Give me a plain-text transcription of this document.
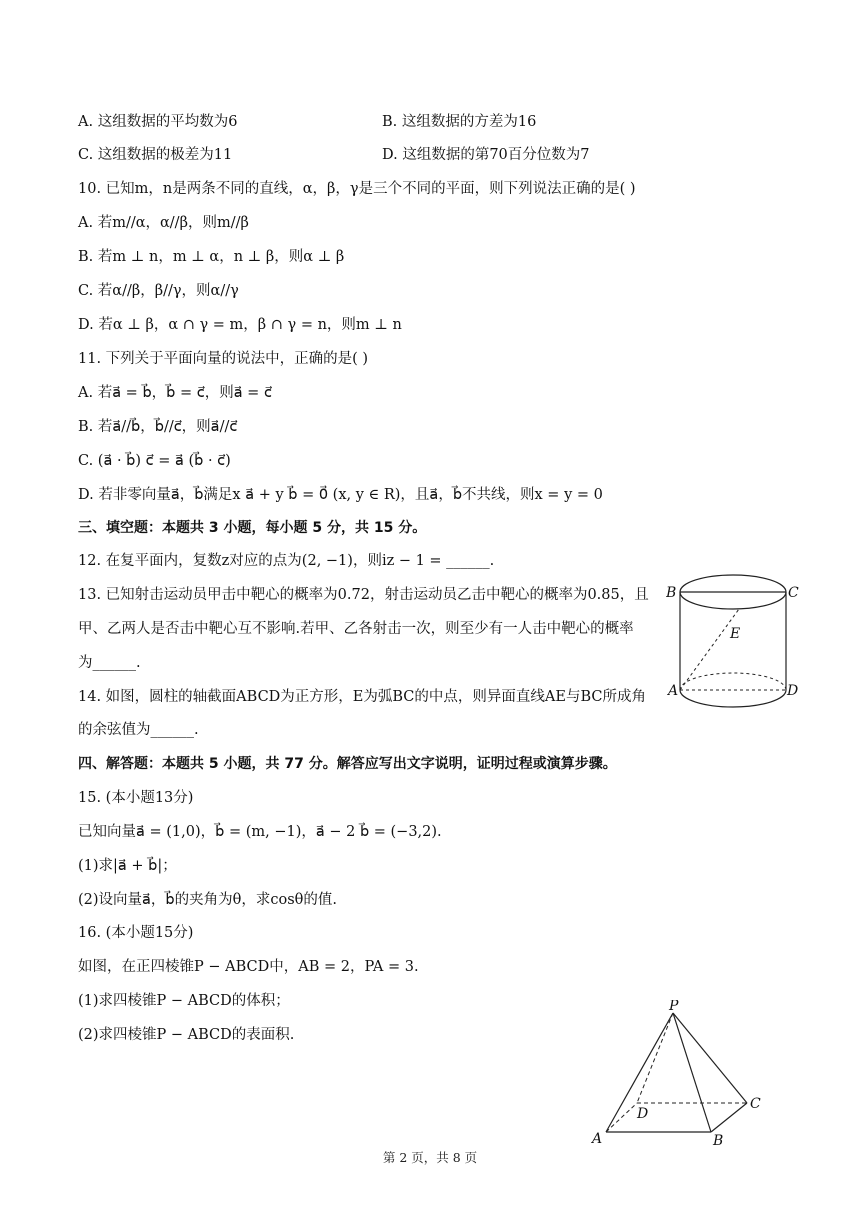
A. 这组数据的平均数为6	B. 这组数据的方差为16
C. 这组数据的极差为11	D. 这组数据的第70百分位数为7
10. 已知m，n是两条不同的直线，α，β，γ是三个不同的平面，则下列说法正确的是( )
A. 若m//α，α//β，则m//β
B. 若m ⊥ n，m ⊥ α，n ⊥ β，则α ⊥ β
C. 若α//β，β//γ，则α//γ
D. 若α ⊥ β，α ∩ γ = m，β ∩ γ = n，则m ⊥ n
11. 下列关于平面向量的说法中，正确的是( )
A. 若a⃗ = b⃗，b⃗ = c⃗，则a⃗ = c⃗
B. 若a⃗//b⃗，b⃗//c⃗，则a⃗//c⃗
C. (a⃗ · b⃗) c⃗ = a⃗ (b⃗ · c⃗)
D. 若非零向量a⃗，b⃗满足x a⃗ + y b⃗ = 0⃗ (x, y ∈ R)，且a⃗，b⃗不共线，则x = y = 0
三、填空题：本题共 3 小题，每小题 5 分，共 15 分。
12. 在复平面内，复数z对应的点为(2, −1)，则iz − 1 = ______.
13. 已知射击运动员甲击中靶心的概率为0.72，射击运动员乙击中靶心的概率为0.85，且
甲、乙两人是否击中靶心互不影响.若甲、乙各射击一次，则至少有一人击中靶心的概率
为______.
14. 如图，圆柱的轴截面ABCD为正方形，E为弧BC的中点，则异面直线AE与BC所成角
的余弦值为______.
B	C
E
A	D
四、解答题：本题共 5 小题，共 77 分。解答应写出文字说明，证明过程或演算步骤。
15. (本小题13分)
已知向量a⃗ = (1,0)，b⃗ = (m, −1)，a⃗ − 2 b⃗ = (−3,2).
(1)求|a⃗ + b⃗|；
(2)设向量a⃗，b⃗的夹角为θ，求cosθ的值.
16. (本小题15分)
如图，在正四棱锥P − ABCD中，AB = 2，PA = 3.
(1)求四棱锥P − ABCD的体积；
(2)求四棱锥P − ABCD的表面积.
P
A	B
C
D
第 2 页，共 8 页
